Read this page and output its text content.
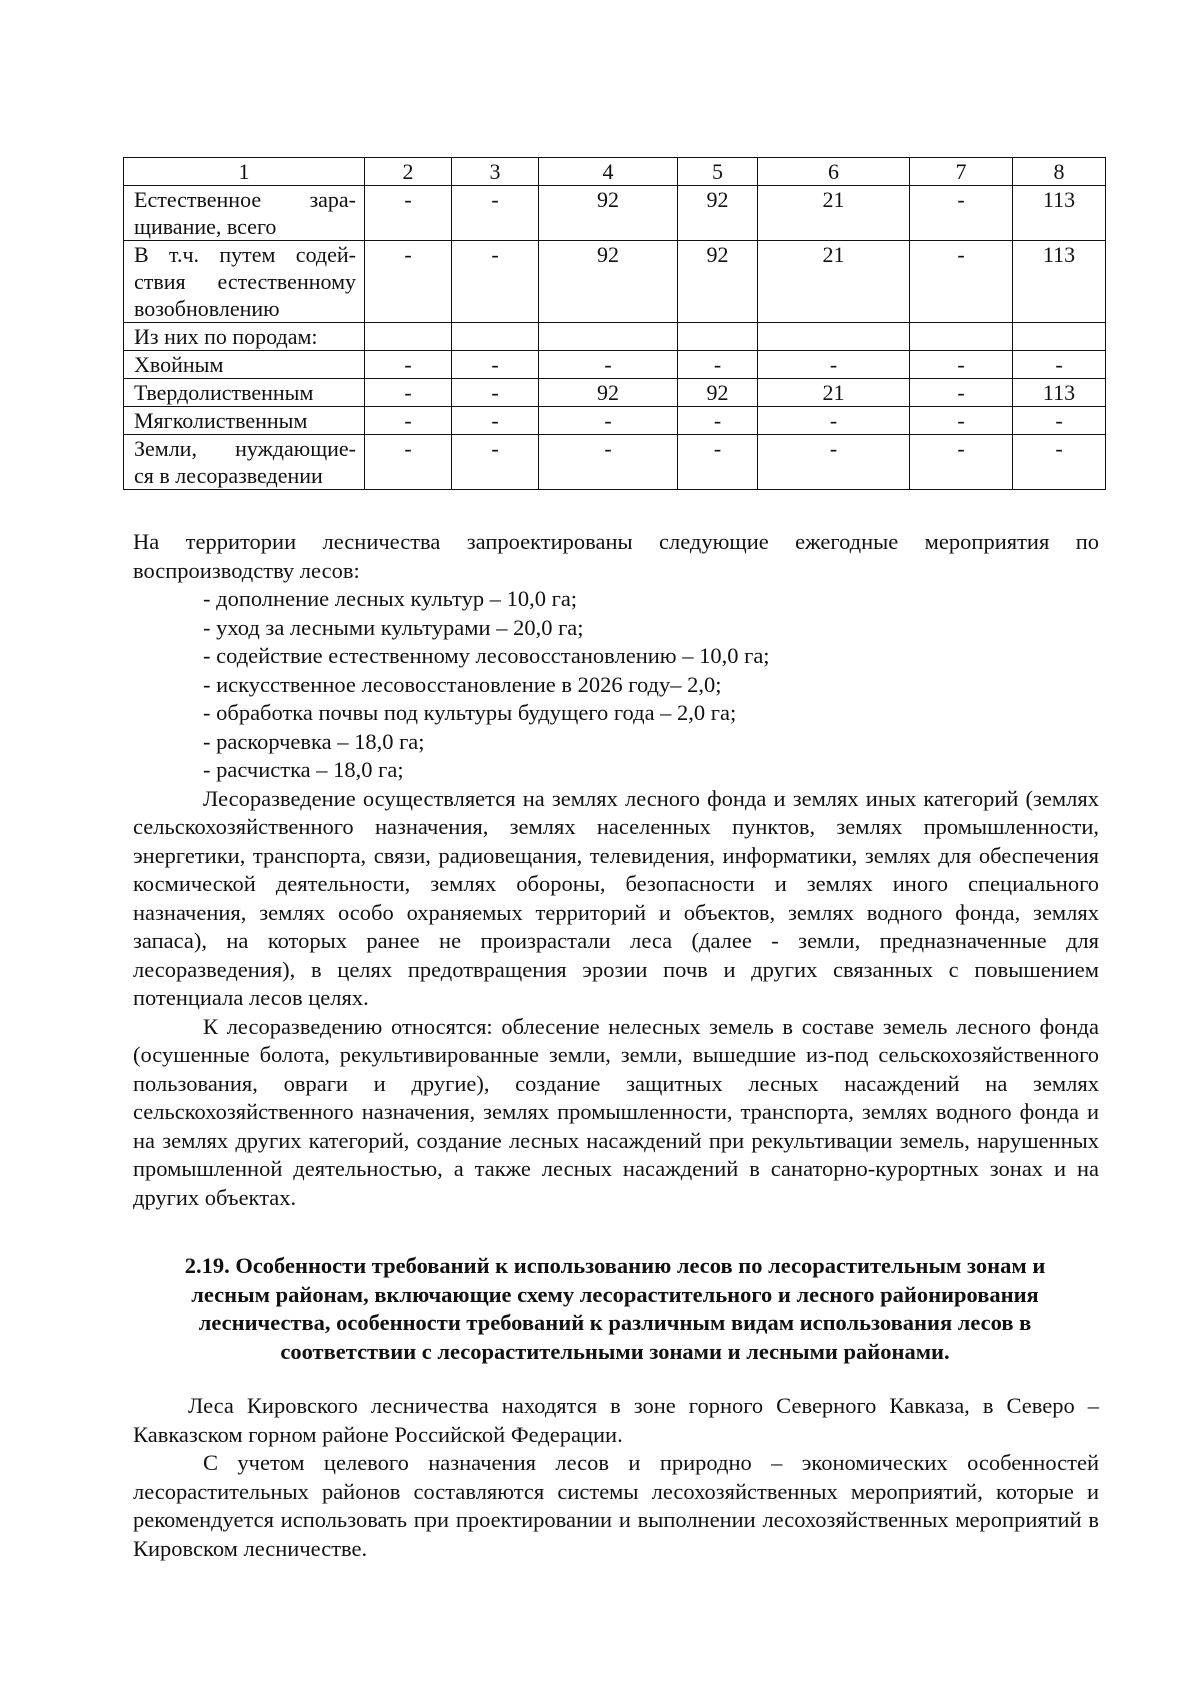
1	2	3	4	5	6	7	8

Естественное зара-
щивание, всего	-	-	92	92	21	-	113

В т.ч. путем содей-
ствия естественному
возобновлению	-	-	92	92	21	-	113
Из них по породам:							
Хвойным	-	-	-	-	-	-	-
Твердолиственным	-	-	92	92	21	-	113
Мягколиственным	-	-	-	-	-	-	-

Земли, нуждающие-
ся в лесоразведении	-	-	-	-	-	-	-

На территории лесничества запроектированы следующие ежегодные мероприятия по

воспроизводству лесов:

- дополнение лесных культур – 10,0 га;

- уход за лесными культурами – 20,0 га;

- содействие естественному лесовосстановлению – 10,0 га;

- искусственное лесовосстановление в 2026 году– 2,0;

- обработка почвы под культуры будущего года – 2,0 га;

- раскорчевка – 18,0 га;

- расчистка – 18,0 га;

Лесоразведение осуществляется на землях лесного фонда и землях иных категорий (землях сельскохозяйственного назначения, землях населенных пунктов, землях промышленности, энергетики, транспорта, связи, радиовещания, телевидения, информатики, землях для обеспечения космической деятельности, землях обороны, безопасности и землях иного специального назначения, землях особо охраняемых территорий и объектов, землях водного фонда, землях запаса), на которых ранее не произрастали леса (далее - земли, предназначенные для лесоразведения), в целях предотвращения эрозии почв и других связанных с повышением потенциала лесов целях.

К лесоразведению относятся: облесение нелесных земель в составе земель лесного фонда (осушенные болота, рекультивированные земли, земли, вышедшие из-под сельскохозяйственного пользования, овраги и другие), создание защитных лесных насаждений на землях сельскохозяйственного назначения, землях промышленности, транспорта, землях водного фонда и на землях других категорий, создание лесных насаждений при рекультивации земель, нарушенных промышленной деятельностью, а также лесных насаждений в санаторно-курортных зонах и на других объектах.

2.19. Особенности требований к использованию лесов по лесорастительным зонам и лесным районам, включающие схему лесорастительного и лесного районирования лесничества, особенности требований к различным видам использования лесов в соответствии с лесорастительными зонами и лесными районами.

Леса Кировского лесничества находятся в зоне горного Северного Кавказа, в Северо – Кавказском горном районе Российской Федерации.

С учетом целевого назначения лесов и природно – экономических особенностей лесорастительных районов составляются системы лесохозяйственных мероприятий, которые и рекомендуется использовать при проектировании и выполнении лесохозяйственных мероприятий в Кировском лесничестве.
